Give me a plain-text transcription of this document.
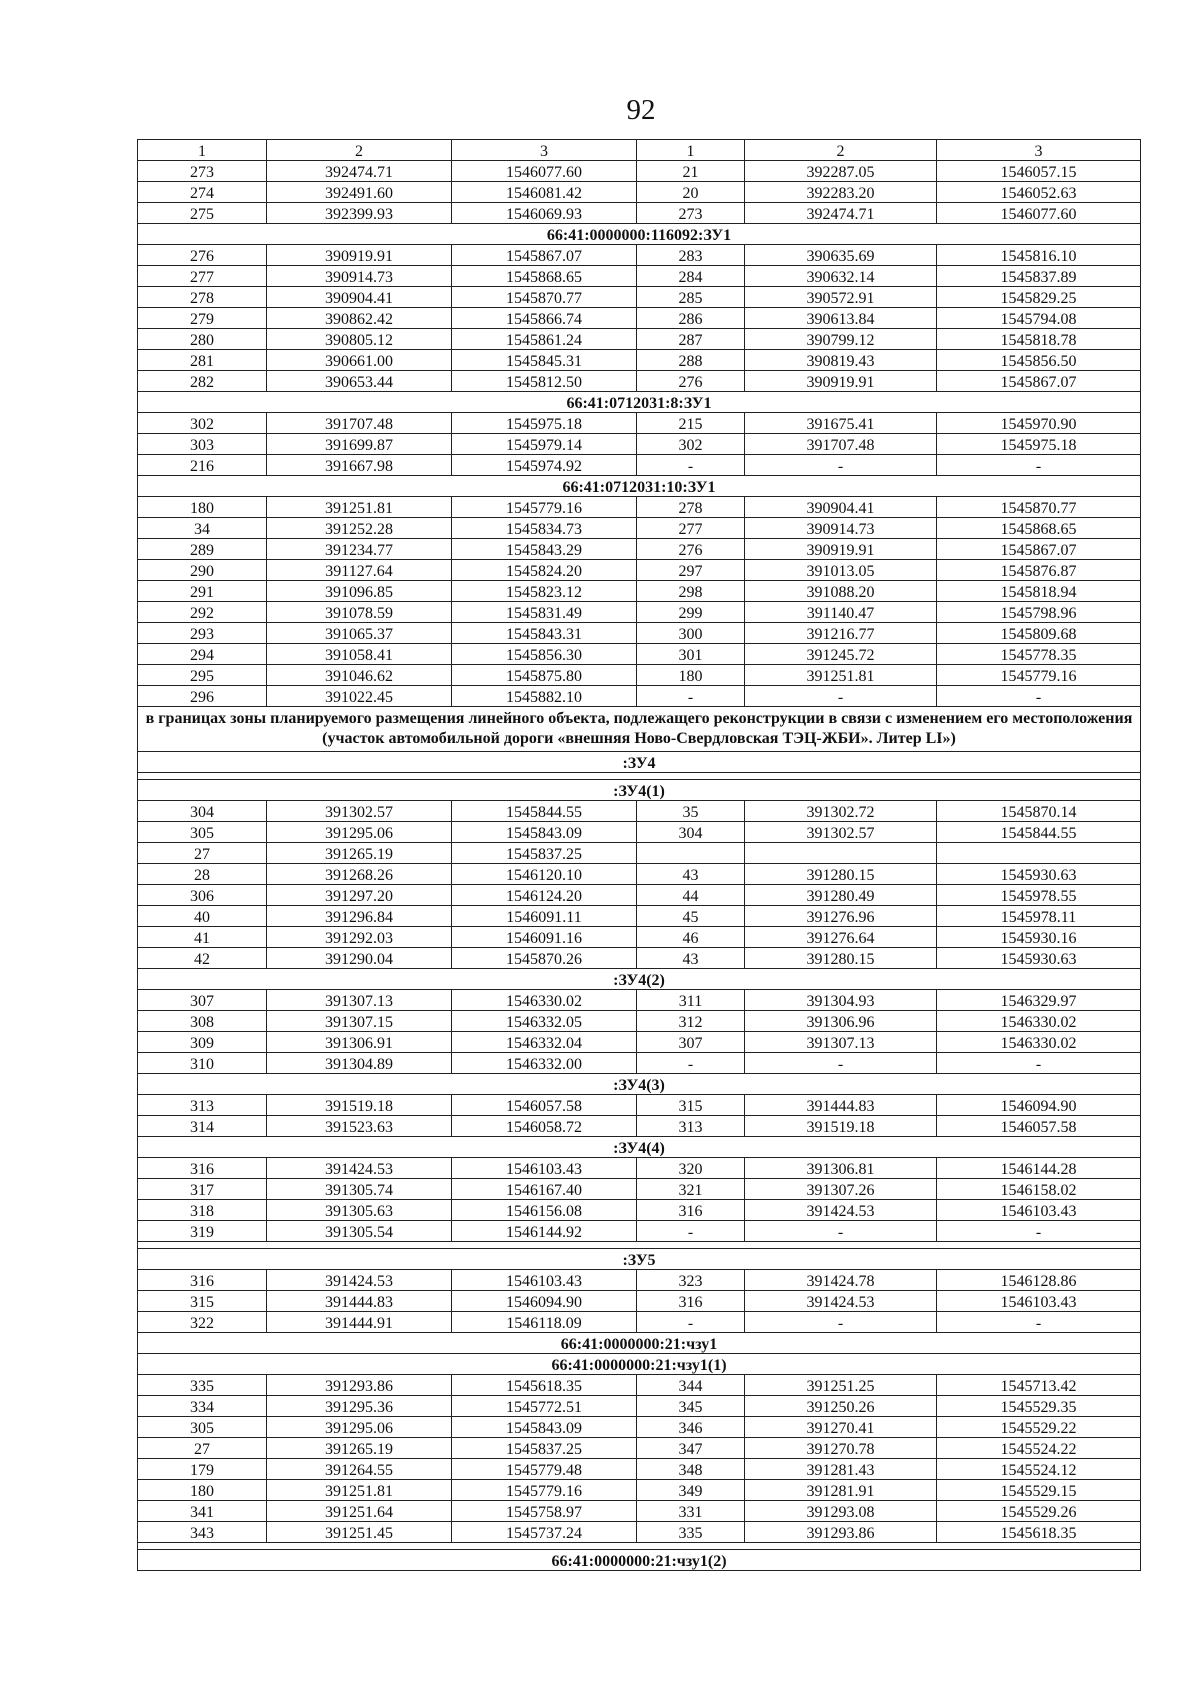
92
1	2	3	1	2	3
273	392474.71	1546077.60	21	392287.05	1546057.15
274	392491.60	1546081.42	20	392283.20	1546052.63
275	392399.93	1546069.93	273	392474.71	1546077.60
66:41:0000000:116092:ЗУ1					
276	390919.91	1545867.07	283	390635.69	1545816.10
277	390914.73	1545868.65	284	390632.14	1545837.89
278	390904.41	1545870.77	285	390572.91	1545829.25
279	390862.42	1545866.74	286	390613.84	1545794.08
280	390805.12	1545861.24	287	390799.12	1545818.78
281	390661.00	1545845.31	288	390819.43	1545856.50
282	390653.44	1545812.50	276	390919.91	1545867.07
66:41:0712031:8:ЗУ1					
302	391707.48	1545975.18	215	391675.41	1545970.90
303	391699.87	1545979.14	302	391707.48	1545975.18
216	391667.98	1545974.92	-	-	-
66:41:0712031:10:ЗУ1					
180	391251.81	1545779.16	278	390904.41	1545870.77
34	391252.28	1545834.73	277	390914.73	1545868.65
289	391234.77	1545843.29	276	390919.91	1545867.07
290	391127.64	1545824.20	297	391013.05	1545876.87
291	391096.85	1545823.12	298	391088.20	1545818.94
292	391078.59	1545831.49	299	391140.47	1545798.96
293	391065.37	1545843.31	300	391216.77	1545809.68
294	391058.41	1545856.30	301	391245.72	1545778.35
295	391046.62	1545875.80	180	391251.81	1545779.16
296	391022.45	1545882.10	-	-	-
в границах зоны планируемого размещения линейного объекта, подлежащего реконструкции в связи с изменением его местоположения (участок автомобильной дороги «внешняя Ново-Свердловская ТЭЦ-ЖБИ». Литер LI»)					
:ЗУ4					

:ЗУ4(1)					
304	391302.57	1545844.55	35	391302.72	1545870.14
305	391295.06	1545843.09	304	391302.57	1545844.55
27	391265.19	1545837.25			
28	391268.26	1546120.10	43	391280.15	1545930.63
306	391297.20	1546124.20	44	391280.49	1545978.55
40	391296.84	1546091.11	45	391276.96	1545978.11
41	391292.03	1546091.16	46	391276.64	1545930.16
42	391290.04	1545870.26	43	391280.15	1545930.63
:ЗУ4(2)					
307	391307.13	1546330.02	311	391304.93	1546329.97
308	391307.15	1546332.05	312	391306.96	1546330.02
309	391306.91	1546332.04	307	391307.13	1546330.02
310	391304.89	1546332.00	-	-	-
:ЗУ4(3)					
313	391519.18	1546057.58	315	391444.83	1546094.90
314	391523.63	1546058.72	313	391519.18	1546057.58
:ЗУ4(4)					
316	391424.53	1546103.43	320	391306.81	1546144.28
317	391305.74	1546167.40	321	391307.26	1546158.02
318	391305.63	1546156.08	316	391424.53	1546103.43
319	391305.54	1546144.92	-	-	-

:ЗУ5					
316	391424.53	1546103.43	323	391424.78	1546128.86
315	391444.83	1546094.90	316	391424.53	1546103.43
322	391444.91	1546118.09	-	-	-
66:41:0000000:21:чзу1					
66:41:0000000:21:чзу1(1)					
335	391293.86	1545618.35	344	391251.25	1545713.42
334	391295.36	1545772.51	345	391250.26	1545529.35
305	391295.06	1545843.09	346	391270.41	1545529.22
27	391265.19	1545837.25	347	391270.78	1545524.22
179	391264.55	1545779.48	348	391281.43	1545524.12
180	391251.81	1545779.16	349	391281.91	1545529.15
341	391251.64	1545758.97	331	391293.08	1545529.26
343	391251.45	1545737.24	335	391293.86	1545618.35

66:41:0000000:21:чзу1(2)					
